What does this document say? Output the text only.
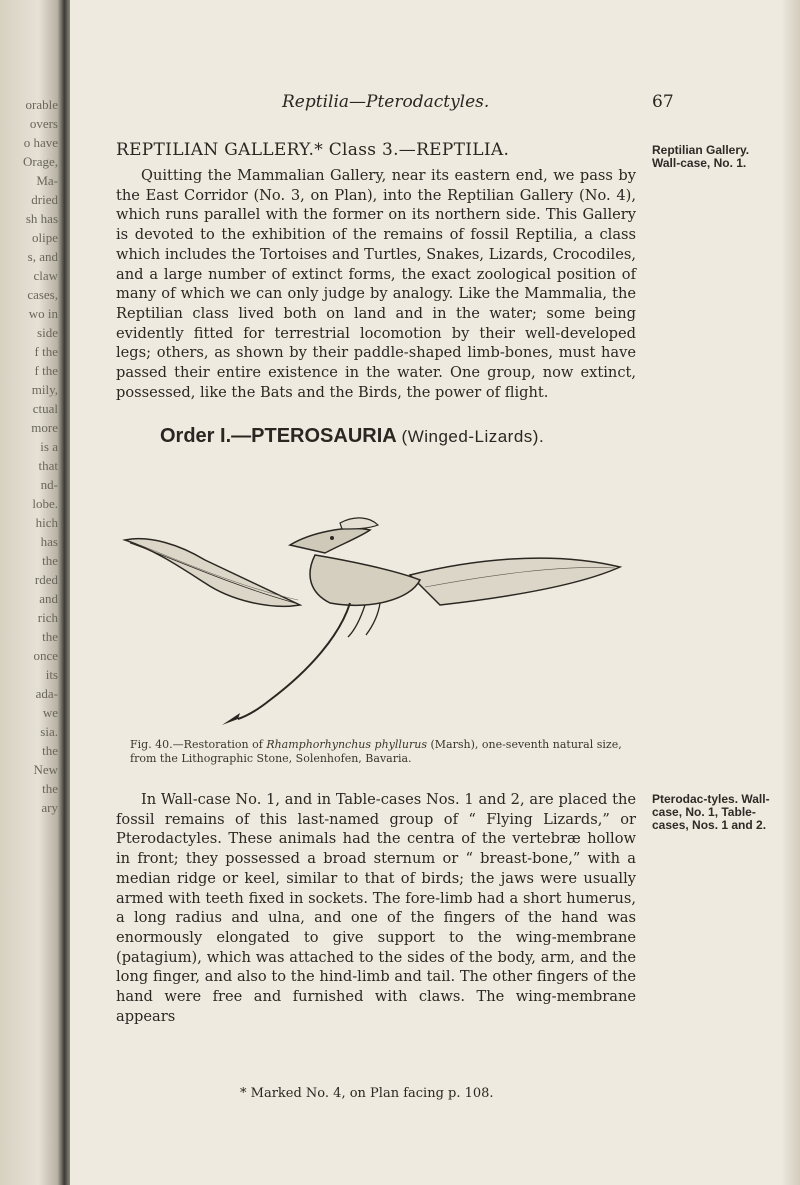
orable
overs
o have
Orage,
Ma-
dried
sh has
olipe
s, and
claw
cases,
wo in
side
f the
f the
mily,
ctual
more
is a
that
nd-
lobe.
hich
has
the
rded
and
rich
the
once
its
ada-
we
sia.
the
New
the
ary
Reptilia—Pterodactyles.	67
REPTILIAN GALLERY.* Class 3.—REPTILIA.

Quitting the Mammalian Gallery, near its eastern end, we pass by the East Corridor (No. 3, on Plan), into the Reptilian Gallery (No. 4), which runs parallel with the former on its northern side. This Gallery is devoted to the exhibition of the remains of fossil Reptilia, a class which includes the Tortoises and Turtles, Snakes, Lizards, Crocodiles, and a large number of extinct forms, the exact zoological position of many of which we can only judge by analogy. Like the Mammalia, the Reptilian class lived both on land and in the water; some being evidently fitted for terrestrial locomotion by their well-developed legs; others, as shown by their paddle-shaped limb-bones, must have passed their entire existence in the water. One group, now extinct, possessed, like the Bats and the Birds, the power of flight.

Reptilian Gallery. Wall-case, No. 1.
Order I.—PTEROSAURIA (Winged-Lizards).
Fig. 40.—Restoration of Rhamphorhynchus phyllurus (Marsh), one-seventh natural size, from the Lithographic Stone, Solenhofen, Bavaria.

In Wall-case No. 1, and in Table-cases Nos. 1 and 2, are placed the fossil remains of this last-named group of “ Flying Lizards,” or Pterodactyles. These animals had the centra of the vertebræ hollow in front; they possessed a broad sternum or “ breast-bone,” with a median ridge or keel, similar to that of birds; the jaws were usually armed with teeth fixed in sockets. The fore-limb had a short humerus, a long radius and ulna, and one of the fingers of the hand was enormously elongated to give support to the wing-membrane (patagium), which was attached to the sides of the body, arm, and the long finger, and also to the hind-limb and tail. The other fingers of the hand were free and furnished with claws. The wing-membrane appears

Pterodac-tyles. Wall-case, No. 1, Table-cases, Nos. 1 and 2.
* Marked No. 4, on Plan facing p. 108.
